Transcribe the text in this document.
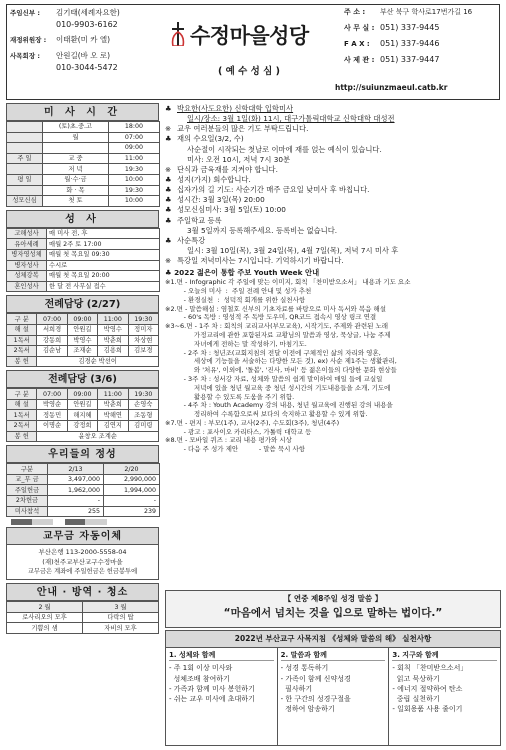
주임신부 : 김기태(세례자요한)
010-9903-6162
재정위원장 : 이태환(미 카 엘)
사목회장 : 안원길(바 오 로)
010-3044-5472
수정마을성당
( 예 수 성 심 )
주 소 : 부산 북구 학사로17번가길 16
사 무 실 : 051) 337-9445
F A X : 051) 337-9446
사 제 관 : 051) 337-9447
http://suiunzmaeul.catb.kr
미 사 시 간
	(토)초.중.고	18:00
	월	07:00
		09:00
주 일	교 중	11:00
	저 녁	19:30
평 일	월·수·금	10:00
	화 · 목	19:30
성모신심	첫 토	10:00
성 사
고해성사	매 미사 전, 후
유아세례	매월 2주 토 17:00
병자영성체	매월 첫 목요일 09:30
병자성사	수시로
성체강복	매월 첫 목요일 20:00
혼인성사	한 달 전 사무실 접수
전례담당 (2/27)
구 분	07:00	09:00	11:00	19:30
해 설	서희경	안원길	박영수	정미자
1독서	강동희	박영수	박춘희	차상현
2독서	김순남	조재순	김용희	김보경
봉 헌	김경순 박선이			
전례담당 (3/6)
구 분	07:00	09:00	11:00	19:30
해 설	박영순	안원길	박춘희	손영숙
1독서	정동민	해지혜	박해연	조동형
2독서	이명순	강정희	김연지	김미령
봉 헌	윤창오 조계순			
우리들의 정성
구분	2/13	2/20
교_무 금	3,497,000	2,990,000
주일헌금	1,962,000	1,994,000
2차헌금	-	-
미사참석	255	239
교무금 자동이체
부산은행 113-2000-5558-04
(재)천주교부산교구수정마을
교무금은 계좌에 주일헌금은 헌금봉투에
안내 · 방역 · 청소
2 월	3 월
로사리오의 모후	다락의 탑
기쁨의 샘	자비의 모후
♣ 박요한(사도요한) 신학대학 입학미사
일시/장소: 3월 1일(화) 11시, 대구가톨릭대학교 신학대학 대성전
※ 교우 여러분들의 많은 기도 부탁드립니다.
♣ 재의 수요일(3/2, 수)
사순절이 시작되는 첫날로 이마에 재를 얹는 예식이 있습니다.
미사: 오전 10시, 저녁 7시 30분
※ 단식과 금육재를 지켜야 합니다.
♣ 성지(가지) 회수합니다.
♣ 십자가의 길 기도: 사순기간 매주 금요일 낮미사 후 바칩니다.
♣ 성시간: 3월 3일(목) 20:00
♣ 성모신심미사: 3월 5일(토) 10:00
♣ 주일학교 등록
3월 5일까지 등록해주세요. 등록비는 없습니다.
♣ 사순특강
일시: 3월 10일(목), 3월 24일(목), 4월 7일(목), 저녁 7시 미사 후
※ 특강일 저녁미사는 7시입니다. 기억하시기 바랍니다.
♣ 2022 젊은이 통합 주보 Youth Week 안내
※1.면 - Infographic 각 주일에 맞는 이미지, 회칙 「찬미받으소서」 내용과 기도 요소
- 오늘의 미사  :  주일 전례 안내 및 성가 추천
- 환경실천  :  성덕적 회개를 위한 실천사항
※2.면 - 말씀해설 : 염철호 신부의 기초자료를 바탕으로 미사 독서와 복음 해설
- 60's 독방 : 영성적 주 독방 도우미, QR코드 접속시 영상 링크 연결
※3~6.면 - 1주 차 : 회칙의 교리교사(부모교육), 시작기도, 주제와 관련된 노래
가정교리에 관한 포함된자료 교황님의 말씀과 영상, 묵상글, 나눔 주제
자녀에게 전하는 말 작성하기, 마침기도.
- 2주 차 : 청년조(교회지침의 전달 이전에 구체적인 삶의 자리와 영혼,
세상에 기능들을 서술하는 다양한 모든 것), ex) 사순 제1주는 생활관리,
와 '처유', 이외에, '돌봄', '진사, 마비' 등 젊은이들의 다양한 문화 현상들
- 3주 차 : 성서강 자료, 성체와 말씀의 쉽게 말이하여 매일 들에 교실일
저녁에 있을 청년 월교육 중 청년 성시간의 기도내용들을 소개, 기도에
활용할 수 있도록 도움을 주기 위함.
- 4주 차 : Youth Academy 강의 내용, 청년 월교육에 진행된 강의 내용을
정리하여 수록함으로써 보다의 숙지하고 활용할 수 있게 위함.
※7.면 - 편지 : 부모(1주), 교사(2주), 수도회(3주), 청년(4주)
- 광고 : 포사이오 카리타스, 가톨릭 대학교 등
※8.면 - 모바일 퀴즈 : 교리 내용 평가와 시상
- 다음 주 성가 제안          - 말씀 묵시 사항
【 연중 제8주일 성경 말씀 】
“마음에서 넘치는 것을 입으로 말하는 법이다.”
2022년 부산교구 사목지침 《성체와 말씀의 해》 실천사항
1. 성체와 함께
- 주 1회 이상 미사와
성체조배 참여하기
- 가족과 함께 미사 봉헌하기
- 쉬는 교우 미사에 초대하기
2. 말씀과 함께
- 성경 통독하기
- 가족이 함께 신약성경
필사하기
- 한 구간의 성경구절을
정하여 암송하기
3. 지구와 함께
- 회칙 「찬미받으소서」
읽고 묵상하기
- 에너지 절약하여 탄소
중립 실천하기
- 일회용품 사용 줄이기
